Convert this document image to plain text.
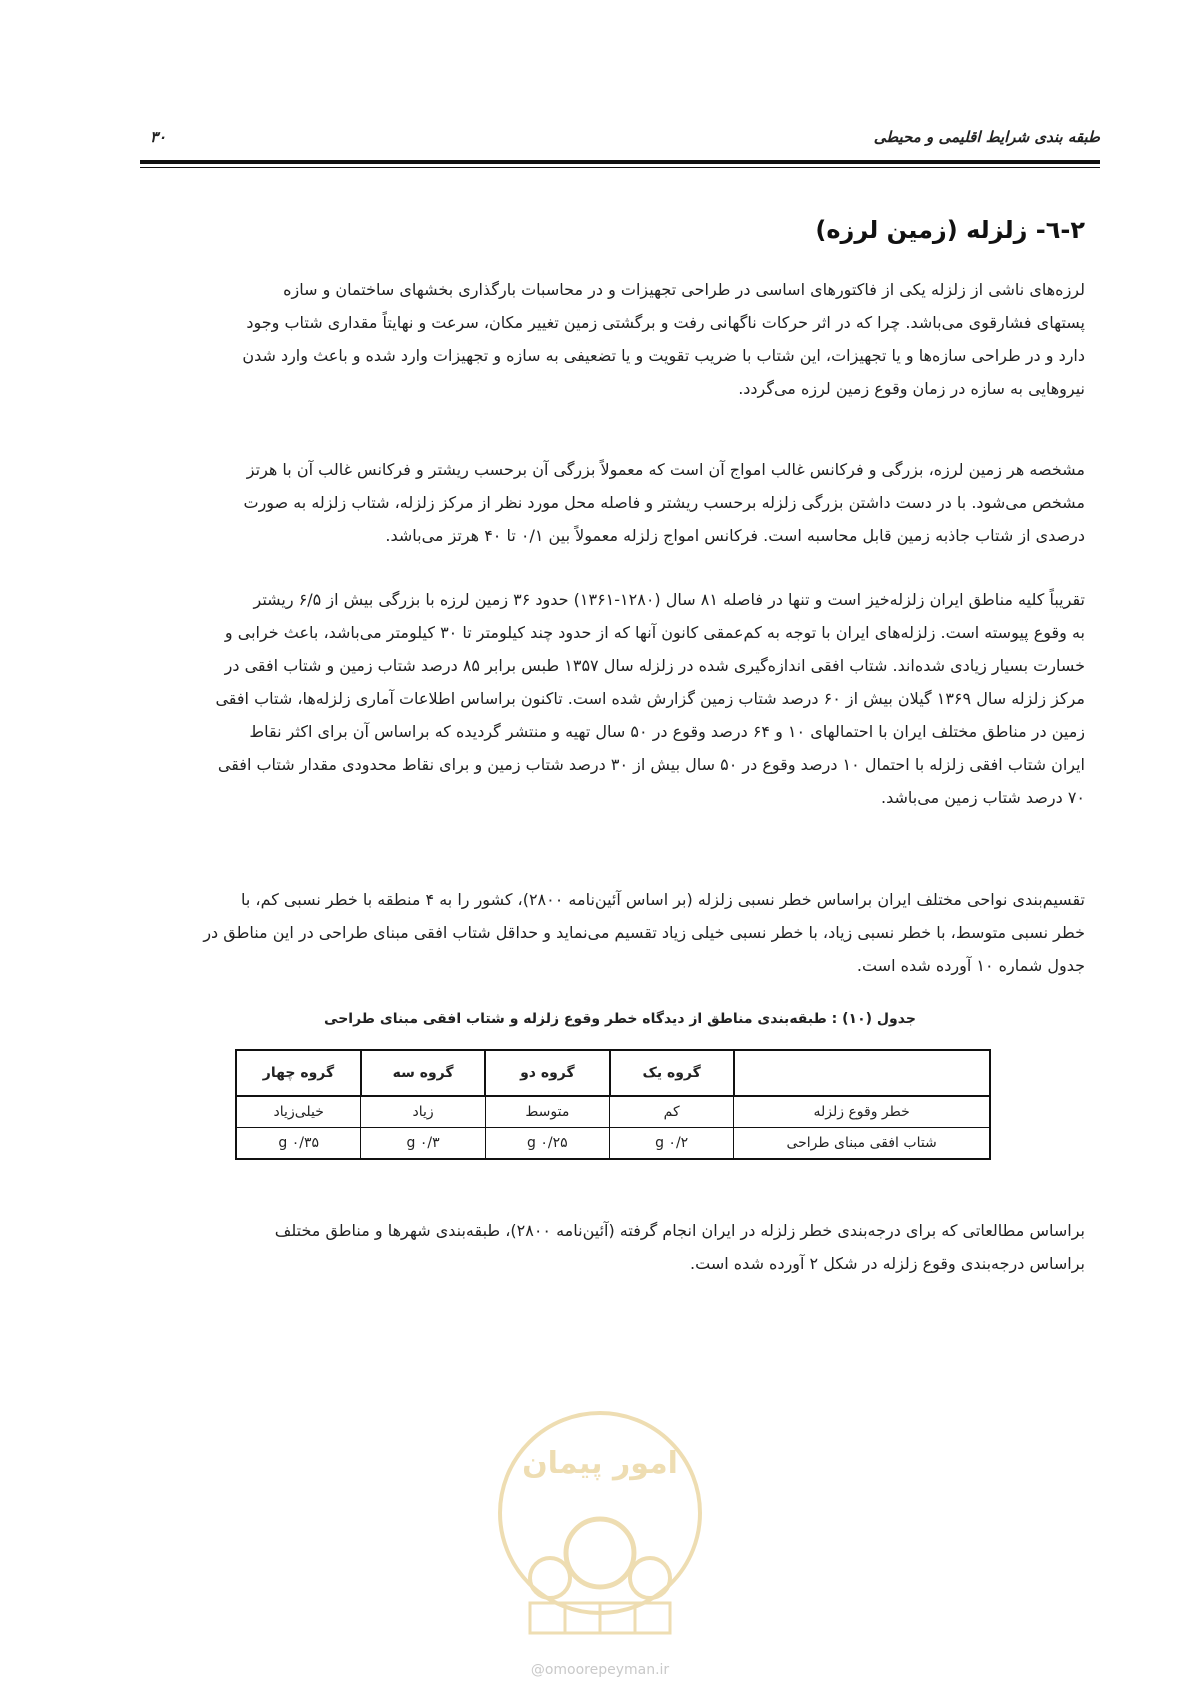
طبقه بندی شرایط اقلیمی و محیطی
۳۰
۲-٦- زلزله (زمین لرزه)
لرزه‌های ناشی از زلزله یکی از فاکتورهای اساسی در طراحی تجهیزات و در محاسبات بارگذاری بخشهای ساختمان و سازه
پستهای فشارقوی می‌باشد. چرا که در اثر حرکات ناگهانی رفت و برگشتی زمین تغییر مکان، سرعت و نهایتاً مقداری شتاب وجود
دارد و در طراحی سازه‌ها و یا تجهیزات، این شتاب با ضریب تقویت و یا تضعیفی به سازه و تجهیزات وارد شده و باعث وارد شدن
نیروهایی به سازه در زمان وقوع زمین لرزه می‌گردد.
مشخصه هر زمین لرزه، بزرگی و فرکانس غالب امواج آن است که معمولاً بزرگی آن برحسب ریشتر و فرکانس غالب آن با هرتز
مشخص می‌شود. با در دست داشتن بزرگی زلزله برحسب ریشتر و فاصله محل مورد نظر از مرکز زلزله، شتاب زلزله به صورت
درصدی از شتاب جاذبه زمین قابل محاسبه است. فرکانس امواج زلزله معمولاً بین ۰/۱ تا ۴۰ هرتز می‌باشد.
تقریباً کلیه مناطق ایران زلزله‌خیز است و تنها در فاصله ۸۱ سال (۱۲۸۰-۱۳۶۱) حدود ۳۶ زمین لرزه با بزرگی بیش از ۶/۵ ریشتر
به وقوع پیوسته است. زلزله‌های ایران با توجه به کم‌عمقی کانون آنها که از حدود چند کیلومتر تا ۳۰ کیلومتر می‌باشد، باعث خرابی و
خسارت بسیار زیادی شده‌اند. شتاب افقی اندازه‌گیری شده در زلزله سال ۱۳۵۷ طبس برابر ۸۵ درصد شتاب زمین و شتاب افقی در
مرکز زلزله سال ۱۳۶۹ گیلان بیش از ۶۰ درصد شتاب زمین گزارش شده است. تاکنون براساس اطلاعات آماری زلزله‌ها، شتاب افقی
زمین در مناطق مختلف ایران با احتمالهای ۱۰ و ۶۴ درصد وقوع در ۵۰ سال تهیه و منتشر گردیده که براساس آن برای اکثر نقاط
ایران شتاب افقی زلزله با احتمال ۱۰ درصد وقوع در ۵۰ سال بیش از ۳۰ درصد شتاب زمین و برای نقاط محدودی مقدار شتاب افقی
۷۰ درصد شتاب زمین می‌باشد.
تقسیم‌بندی نواحی مختلف ایران براساس خطر نسبی زلزله (بر اساس آئین‌نامه ۲۸۰۰)، کشور را به ۴ منطقه با خطر نسبی کم، با
خطر نسبی متوسط، با خطر نسبی زیاد، با خطر نسبی خیلی زیاد تقسیم می‌نماید و حداقل شتاب افقی مبنای طراحی در این مناطق در
جدول شماره ۱۰ آورده شده است.
جدول (۱۰) : طبقه‌بندی مناطق از دیدگاه خطر وقوع زلزله و شتاب افقی مبنای طراحی
	گروه یک	گروه دو	گروه سه	گروه چهار
خطر وقوع زلزله	کم	متوسط	زیاد	خیلی‌زیاد
شتاب افقی مبنای طراحی	۰/۲ g	۰/۲۵ g	۰/۳ g	۰/۳۵ g
براساس مطالعاتی که برای درجه‌بندی خطر زلزله در ایران انجام گرفته (آئین‌نامه ۲۸۰۰)، طبقه‌بندی شهرها و مناطق مختلف
براساس درجه‌بندی وقوع زلزله در شکل ۲ آورده شده است.
امور پیمان
@omoorepeyman.ir
